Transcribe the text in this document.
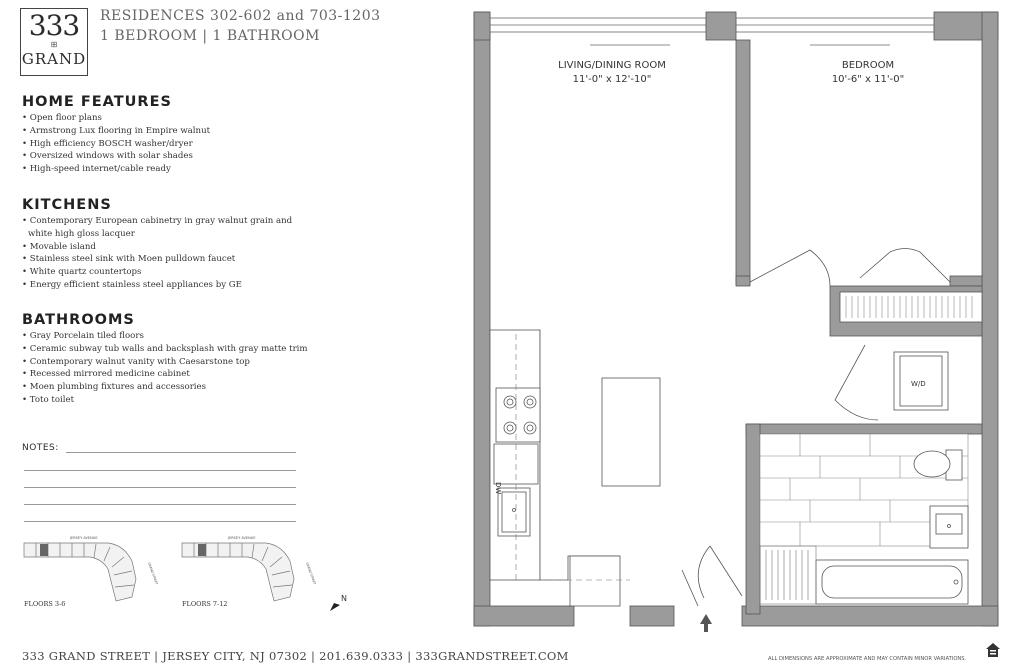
333
⊞
GRAND
RESIDENCES 302-602 and 703-1203
1 BEDROOM | 1 BATHROOM
HOME FEATURES
• Open floor plans
• Armstrong Lux flooring in Empire walnut
• High efficiency BOSCH washer/dryer
• Oversized windows with solar shades
• High-speed internet/cable ready
KITCHENS
• Contemporary European cabinetry in gray walnut grain and
white high gloss lacquer
• Movable island
• Stainless steel sink with Moen pulldown faucet
• White quartz countertops
• Energy efficient stainless steel appliances by GE
BATHROOMS
• Gray Porcelain tiled floors
• Ceramic subway tub walls and backsplash with gray matte trim
• Contemporary walnut vanity with Caesarstone top
• Recessed mirrored medicine cabinet
• Moen plumbing fixtures and accessories
• Toto toilet
NOTES:
JERSEY AVENUE
GRAND STREET
JERSEY AVENUE
GRAND STREET
FLOORS 3-6	FLOORS 7-12
N
W/D
DW
LIVING/DINING ROOM
11'-0" x 12'-10"
BEDROOM
10'-6" x 11'-0"
333 GRAND STREET | JERSEY CITY, NJ 07302 | 201.639.0333 | 333GRANDSTREET.COM	ALL DIMENSIONS ARE APPROXIMATE AND MAY CONTAIN MINOR VARIATIONS.
